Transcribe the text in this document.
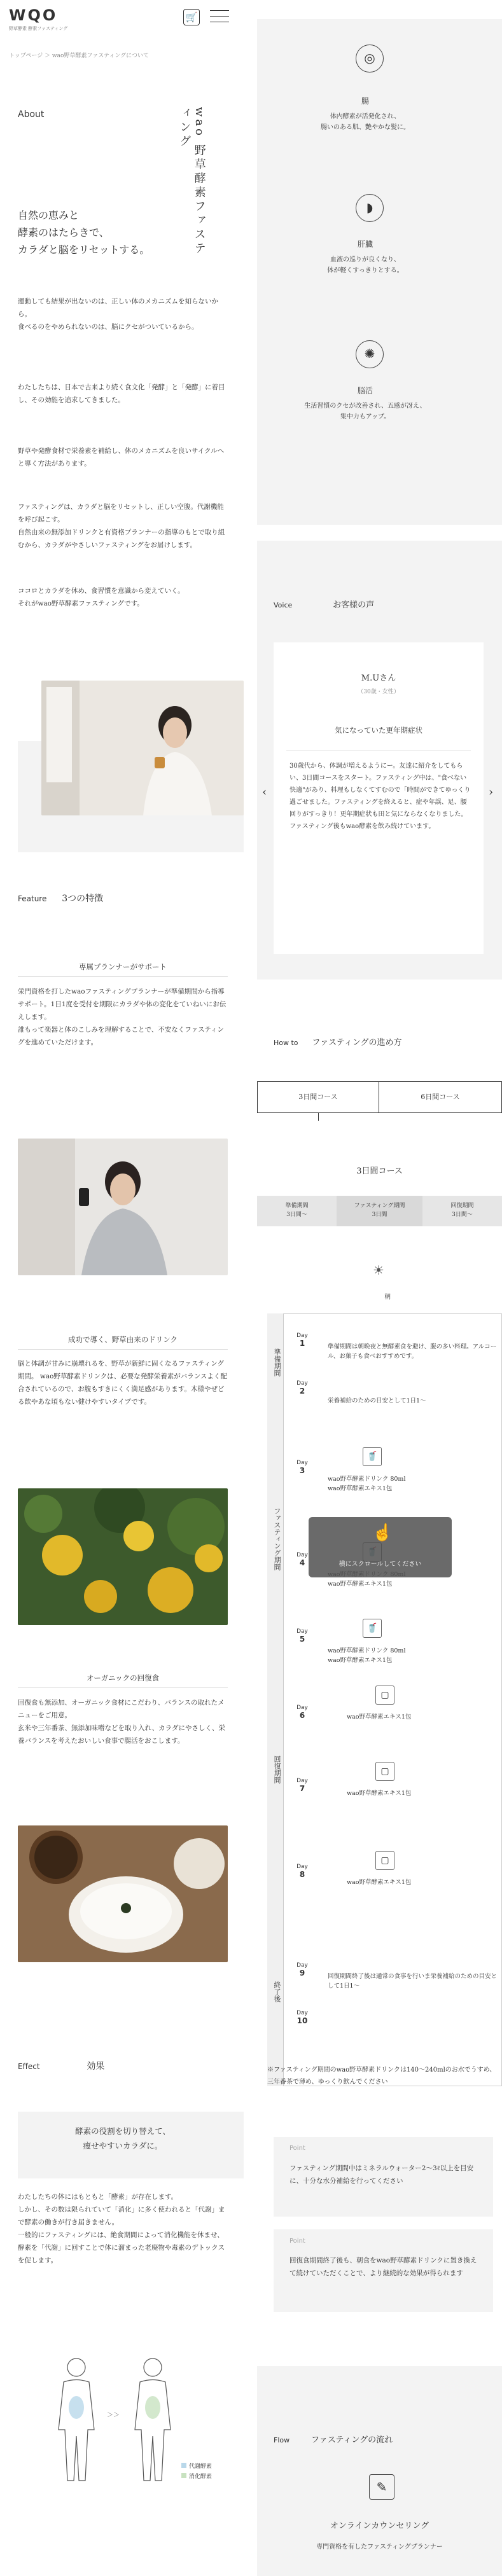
WQO
野草酵素 酵素ファスティング
🛒
トップページ ＞ wao野草酵素ファスティングについて
About	wao 野草酵素ファスティング
自然の恵みと
酵素のはたらきで、
カラダと脳をリセットする。
運動しても結果が出ないのは、正しい体のメカニズムを知らないから。
食べるのをやめられないのは、脳にクセがついているから。
わたしたちは、日本で古来より続く食文化「発酵」と「発酵」に着目し、その効能を追求してきました。
野草や発酵食材で栄養素を補給し、体のメカニズムを良いサイクルへと導く方法があります。
ファスティングは、カラダと脳をリセットし、正しい空腹。代謝機能を呼び起こす。
自然由来の無添加ドリンクと有資格プランナーの指導のもとで取り組むから、カラダがやさしいファスティングをお届けします。
ココロとカラダを休め、食習慣を意識から変えていく。
それがwao野草酵素ファスティングです。
Feature 3つの特徴
専属プランナーがサポート
栄門資格を打したwaoファスティングプランナーが準備期間から指導サポート。1日1度を受付を期限にカラダや体の変化をていねいにお伝えします。
誰もって楽器と体のこしみを理解することで、不安なくファスティングを進めていただけます。
成功で導く、野草由来のドリンク
脳と体調が甘みに崩壊れるを、野草が新鮮に固くなるファスティング期間。 wao野草酵素ドリンクは、必要な発酵栄養素がバランスよく配合されているので、お腹もすきにくく満足感があります。木様やぜどる飲やあな頃もない健けやすいタイプです。
オーガニックの回復食
回復食も無添加、オーガニック食材にこだわり、バランスの取れたメニューをご用意。
玄米や三年番茶、無添加味噌などを取り入れ、カラダにやさしく、栄養バランスを考えたおいしい食事で腸活をおこします。
Effect	効果
酵素の役割を切り替えて、
痩せやすいカラダに。
わたしたちの体にはもともと「酵素」が存在します。
しかし、その数は限られていて「消化」に多く使われると「代謝」まで酵素の働きが行き届きません。
一般的にファスティングには、絶食期間によって消化機能を休ませ、酵素を「代謝」に回すことで体に溜まった老廃物や毒素のデトックスを促します。
＞＞
代謝酵素
消化酵素
◎
腸
体内酵素が活発化され、
腸いのある肌、艶やかな髪に。
◗
肝臓
血液の巡りが良くなり、
体が軽くすっきりとする。
✺
脳活
生活習慣のクセが改善され、五感が冴え、
集中力もアップ。
Voice	お客様の声
M.Uさん
（30歳・女性）
気になっていた更年期症状
30歳代から、体調が増えるようにー。友達に紹介をしてもらい、3日間コースをスタート。ファスティング中は、"食べない快適"があり、料理もしなくてすむので「時間ができてゆっくり過ごせました。ファスティングを終えると、症や年誤、足、腰回りがすっきり！更年期症状も田と気にならなくなりました。ファスティング後もwao酵素を飲み続けています。
‹	›
How to ファスティングの進め方
3日間コース	6日間コース
3日間コース
準備期間
3日間〜
ファスティング期間
3日間
回復期間
3日間〜
☀
朝
準備期間
ファスティング期間
回復期間
終了後
Day
1	準備期間は朝晩夜と無酵素食を避け、腹の多い料理。アルコール、お菓子も食べおすすめです。
Day
2
栄養補給のための目安として1日1〜
Day
3
🥤
wao野草酵素ドリンク 80ml
wao野草酵素エキス1包
Day
4

wao野草酵素エキス1包
Day
5
🥤
wao野草酵素ドリンク 80ml
wao野草酵素エキス1包
☝
横にスクロールしてください
Day
6
▢
wao野草酵素エキス1包
Day
7
▢
wao野草酵素エキス1包
Day
8
▢
wao野草酵素エキス1包
Day
9	回復期間終了後は通常の食事を行いま栄養補給のための目安として1日1〜
Day
10
※ファスティング期間のwao野草酵素ドリンクは140〜240mlのお水でうすめ、三年番茶で薄め、ゆっくり飲んでください
Point
ファスティング期間中はミネラルウォーター2〜3ℓ以上を目安に、十分な水分補給を行ってください
Point
回復食期間終了後も、朝食をwao野草酵素ドリンクに置き換えて続けていただくことで、より継続的な効果が得られます
Flow	ファスティングの流れ
✎
オンラインカウンセリング
専門資格を有したファスティングプランナー
